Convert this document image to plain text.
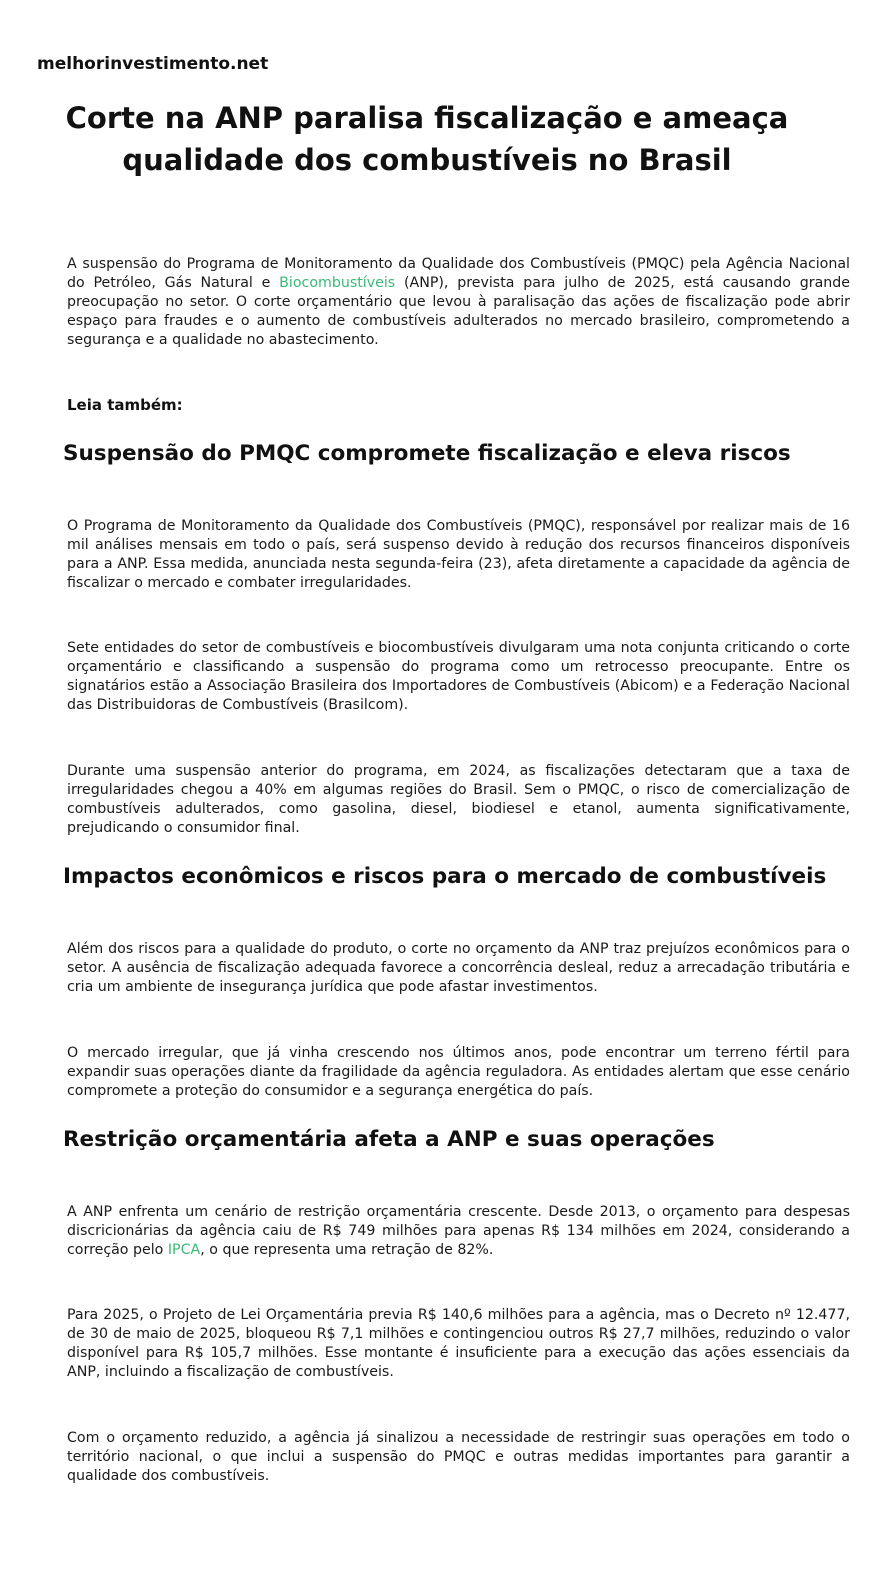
melhorinvestimento.net

Corte na ANP paralisa fiscalização e ameaça qualidade dos combustíveis no Brasil

A suspensão do Programa de Monitoramento da Qualidade dos Combustíveis (PMQC) pela Agência Nacional do Petróleo, Gás Natural e Biocombustíveis (ANP), prevista para julho de 2025, está causando grande preocupação no setor. O corte orçamentário que levou à paralisação das ações de fiscalização pode abrir espaço para fraudes e o aumento de combustíveis adulterados no mercado brasileiro, comprometendo a segurança e a qualidade no abastecimento.

Leia também:

Suspensão do PMQC compromete fiscalização e eleva riscos

O Programa de Monitoramento da Qualidade dos Combustíveis (PMQC), responsável por realizar mais de 16 mil análises mensais em todo o país, será suspenso devido à redução dos recursos financeiros disponíveis para a ANP. Essa medida, anunciada nesta segunda-feira (23), afeta diretamente a capacidade da agência de fiscalizar o mercado e combater irregularidades.

Sete entidades do setor de combustíveis e biocombustíveis divulgaram uma nota conjunta criticando o corte orçamentário e classificando a suspensão do programa como um retrocesso preocupante. Entre os signatários estão a Associação Brasileira dos Importadores de Combustíveis (Abicom) e a Federação Nacional das Distribuidoras de Combustíveis (Brasilcom).

Durante uma suspensão anterior do programa, em 2024, as fiscalizações detectaram que a taxa de irregularidades chegou a 40% em algumas regiões do Brasil. Sem o PMQC, o risco de comercialização de combustíveis adulterados, como gasolina, diesel, biodiesel e etanol, aumenta significativamente, prejudicando o consumidor final.

Impactos econômicos e riscos para o mercado de combustíveis

Além dos riscos para a qualidade do produto, o corte no orçamento da ANP traz prejuízos econômicos para o setor. A ausência de fiscalização adequada favorece a concorrência desleal, reduz a arrecadação tributária e cria um ambiente de insegurança jurídica que pode afastar investimentos.

O mercado irregular, que já vinha crescendo nos últimos anos, pode encontrar um terreno fértil para expandir suas operações diante da fragilidade da agência reguladora. As entidades alertam que esse cenário compromete a proteção do consumidor e a segurança energética do país.

Restrição orçamentária afeta a ANP e suas operações

A ANP enfrenta um cenário de restrição orçamentária crescente. Desde 2013, o orçamento para despesas discricionárias da agência caiu de R$ 749 milhões para apenas R$ 134 milhões em 2024, considerando a correção pelo IPCA, o que representa uma retração de 82%.

Para 2025, o Projeto de Lei Orçamentária previa R$ 140,6 milhões para a agência, mas o Decreto nº 12.477, de 30 de maio de 2025, bloqueou R$ 7,1 milhões e contingenciou outros R$ 27,7 milhões, reduzindo o valor disponível para R$ 105,7 milhões. Esse montante é insuficiente para a execução das ações essenciais da ANP, incluindo a fiscalização de combustíveis.

Com o orçamento reduzido, a agência já sinalizou a necessidade de restringir suas operações em todo o território nacional, o que inclui a suspensão do PMQC e outras medidas importantes para garantir a qualidade dos combustíveis.
